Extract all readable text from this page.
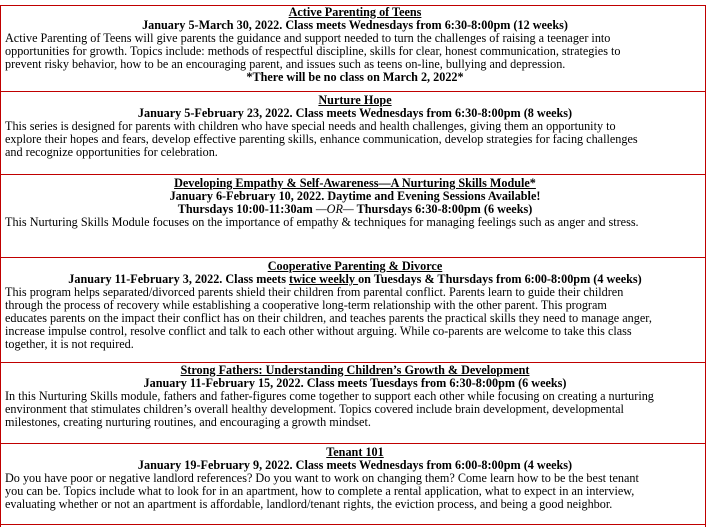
Active Parenting of Teens
January 5-March 30, 2022. Class meets Wednesdays from 6:30-8:00pm (12 weeks)
Active Parenting of Teens will give parents the guidance and support needed to turn the challenges of raising a teenager into
opportunities for growth. Topics include: methods of respectful discipline, skills for clear, honest communication, strategies to
prevent risky behavior, how to be an encouraging parent, and issues such as teens on-line, bullying and depression.
*There will be no class on March 2, 2022*
Nurture Hope
January 5-February 23, 2022. Class meets Wednesdays from 6:30-8:00pm (8 weeks)
This series is designed for parents with children who have special needs and health challenges, giving them an opportunity to
explore their hopes and fears, develop effective parenting skills, enhance communication, develop strategies for facing challenges
and recognize opportunities for celebration.
Developing Empathy & Self-Awareness—A Nurturing Skills Module*
January 6-February 10, 2022. Daytime and Evening Sessions Available!
Thursdays 10:00-11:30am —OR— Thursdays 6:30-8:00pm (6 weeks)
This Nurturing Skills Module focuses on the importance of empathy & techniques for managing feelings such as anger and stress.
Cooperative Parenting & Divorce
January 11-February 3, 2022. Class meets twice weekly on Tuesdays & Thursdays from 6:00-8:00pm (4 weeks)
This program helps separated/divorced parents shield their children from parental conflict. Parents learn to guide their children
through the process of recovery while establishing a cooperative long-term relationship with the other parent. This program
educates parents on the impact their conflict has on their children, and teaches parents the practical skills they need to manage anger,
increase impulse control, resolve conflict and talk to each other without arguing. While co-parents are welcome to take this class
together, it is not required.
Strong Fathers: Understanding Children’s Growth & Development
January 11-February 15, 2022. Class meets Tuesdays from 6:30-8:00pm (6 weeks)
In this Nurturing Skills module, fathers and father-figures come together to support each other while focusing on creating a nurturing
environment that stimulates children’s overall healthy development. Topics covered include brain development, developmental
milestones, creating nurturing routines, and encouraging a growth mindset.
Tenant 101
January 19-February 9, 2022. Class meets Wednesdays from 6:00-8:00pm (4 weeks)
Do you have poor or negative landlord references? Do you want to work on changing them? Come learn how to be the best tenant
you can be. Topics include what to look for in an apartment, how to complete a rental application, what to expect in an interview,
evaluating whether or not an apartment is affordable, landlord/tenant rights, the eviction process, and being a good neighbor.
